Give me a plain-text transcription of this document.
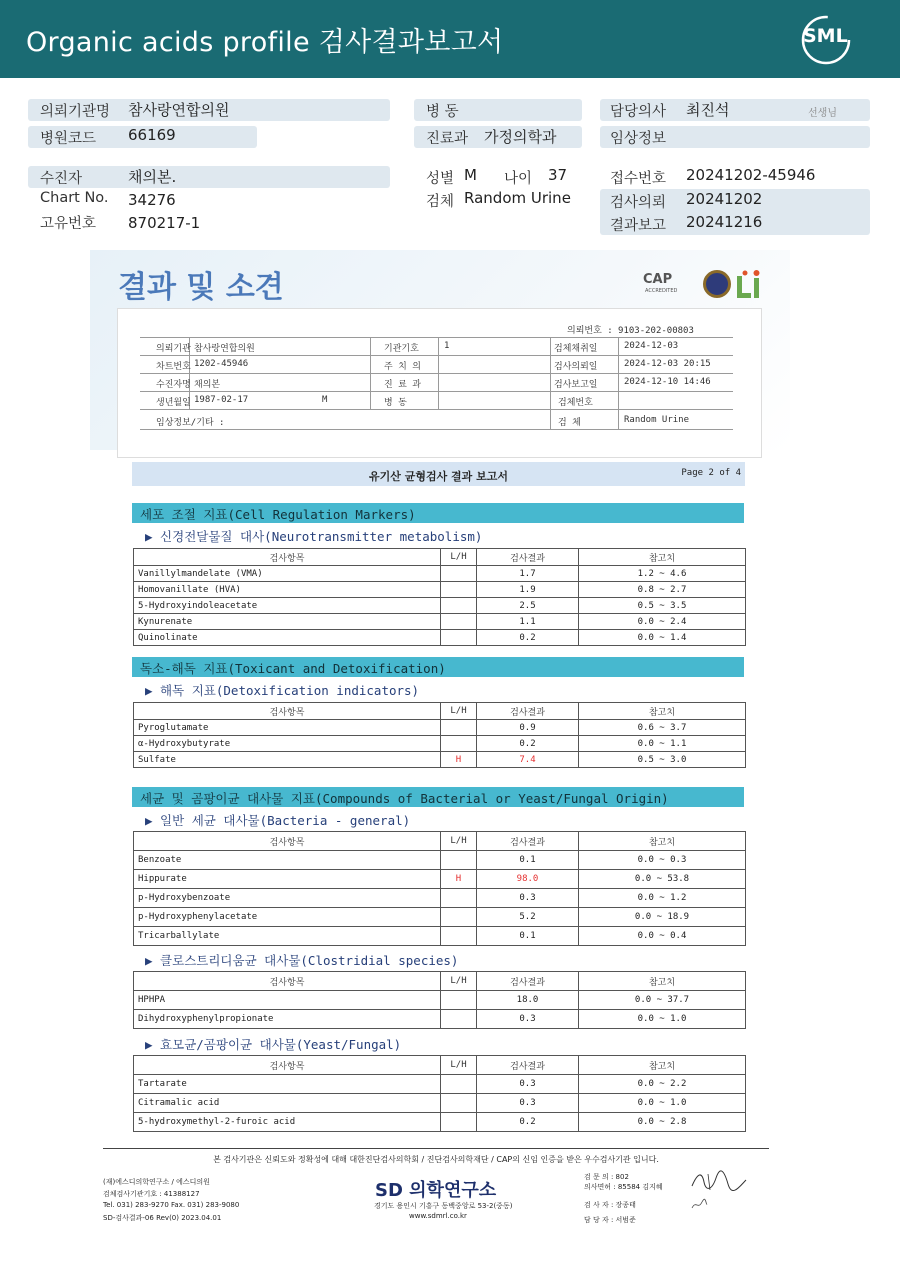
Organic acids profile 검사결과보고서	SML
의뢰기관명 참사랑연합의원
병원코드 66169
병 동
진료과 가정의학과
담당의사 최진석	선생님
임상정보
수진자	채의본.
Chart No. 34276
고유번호 870217-1
성별 M 나이 37
검체 Random Urine
접수번호 20241202-45946
검사의뢰 20241202
결과보고 20241216
결과 및 소견	CAP
ACCREDITED
의뢰번호 : 9103-202-00803
의뢰기관 참사랑연합의원	기관기호	1	검체채취일	2024-12-03
차트번호 1202-45946	주 치 의	검사의뢰일	2024-12-03 20:15
수진자명 채의본	진 료 과	검사보고일	2024-12-10 14:46
생년월일 1987-02-17	M	병 동	검체번호
임상정보/기타 :	검 체	Random Urine
유기산 균형검사 결과 보고서	Page 2 of 4
세포 조절 지표(Cell Regulation Markers)
▶ 신경전달물질 대사(Neurotransmitter metabolism)
검사항목	L/H	검사결과	참고치
Vanillylmandelate (VMA)		1.7	1.2 ~ 4.6
Homovanillate (HVA)		1.9	0.8 ~ 2.7
5-Hydroxyindoleacetate		2.5	0.5 ~ 3.5
Kynurenate		1.1	0.0 ~ 2.4
Quinolinate		0.2	0.0 ~ 1.4
독소-해독 지표(Toxicant and Detoxification)
▶ 해독 지표(Detoxification indicators)
검사항목	L/H	검사결과	참고치
Pyroglutamate		0.9	0.6 ~ 3.7
α-Hydroxybutyrate		0.2	0.0 ~ 1.1
Sulfate	H	7.4	0.5 ~ 3.0
세균 및 곰팡이균 대사물 지표(Compounds of Bacterial or Yeast/Fungal Origin)
▶ 일반 세균 대사물(Bacteria - general)
검사항목	L/H	검사결과	참고치
Benzoate		0.1	0.0 ~ 0.3
Hippurate	H	98.0	0.0 ~ 53.8
p-Hydroxybenzoate		0.3	0.0 ~ 1.2
p-Hydroxyphenylacetate		5.2	0.0 ~ 18.9
Tricarballylate		0.1	0.0 ~ 0.4
▶ 클로스트리디움균 대사물(Clostridial species)
검사항목	L/H	검사결과	참고치
HPHPA		18.0	0.0 ~ 37.7
Dihydroxyphenylpropionate		0.3	0.0 ~ 1.0
▶ 효모균/곰팡이균 대사물(Yeast/Fungal)
검사항목	L/H	검사결과	참고치
Tartarate		0.3	0.0 ~ 2.2
Citramalic acid		0.3	0.0 ~ 1.0
5-hydroxymethyl-2-furoic acid		0.2	0.0 ~ 2.8
본 검사기관은 신뢰도와 정확성에 대해 대한진단검사의학회 / 진단검사의학재단 / CAP의 신임 인증을 받은 우수검사기관 입니다.
(재)에스디의학연구소 / 에스디의원
검체검사기관기호 : 41388127
Tel. 031) 283-9270 Fax. 031) 283-9080
SD-검사결과-06 Rev(0) 2023.04.01
SD 의학연구소
경기도 용인시 기흥구 동백중앙로 53-2(중동)
www.sdmrl.co.kr
검 문 의 : 802
의사면허 : 85584 김지혜
검 사 자 : 장종태
담 당 자 : 서범준
